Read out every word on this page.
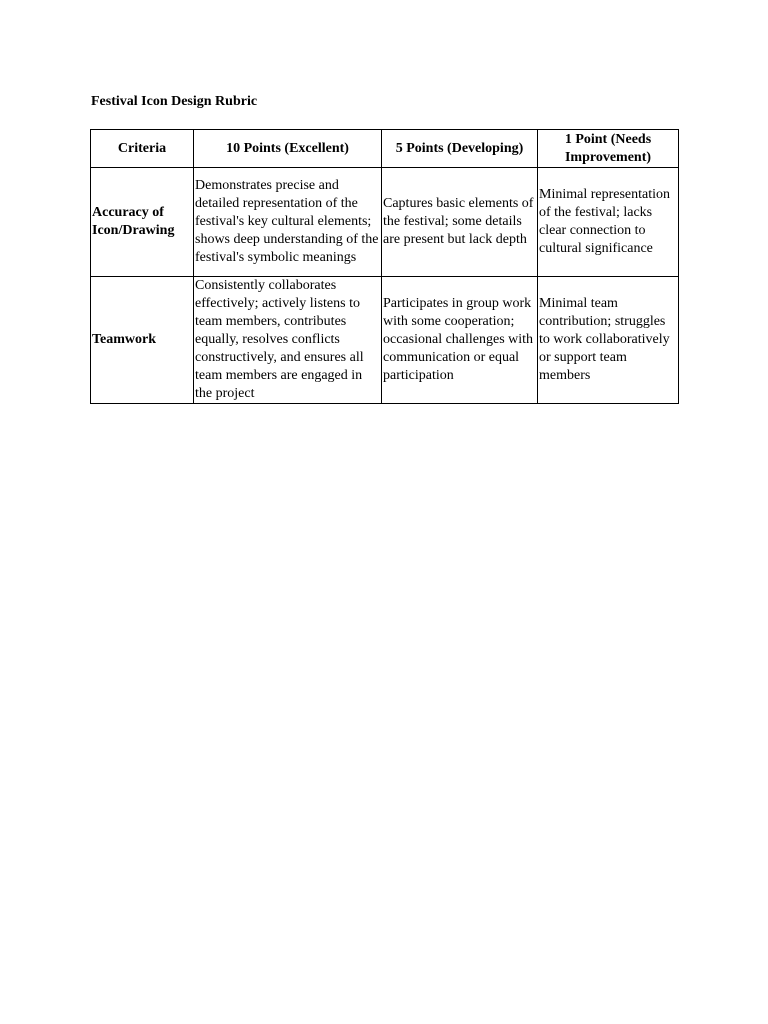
Festival Icon Design Rubric
Criteria	10 Points (Excellent)	5 Points (Developing)	1 Point (Needs Improvement)
Accuracy of Icon/Drawing	Demonstrates precise and detailed representation of the festival's key cultural elements; shows deep understanding of the festival's symbolic meanings	Captures basic elements of the festival; some details are present but lack depth	Minimal representation of the festival; lacks clear connection to cultural significance
Teamwork	Consistently collaborates effectively; actively listens to team members, contributes equally, resolves conflicts constructively, and ensures all team members are engaged in the project	Participates in group work with some cooperation; occasional challenges with communication or equal participation	Minimal team contribution; struggles to work collaboratively or support team members
